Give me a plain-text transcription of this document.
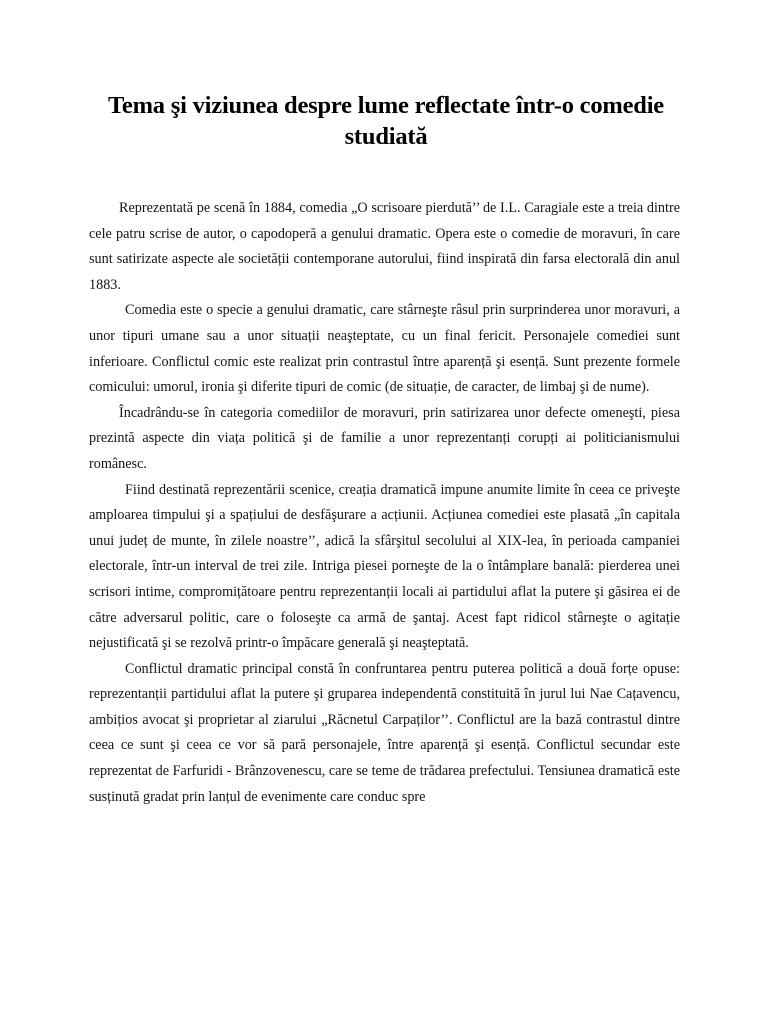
Tema şi viziunea despre lume reflectate într-o comedie studiată

Reprezentată pe scenă în 1884, comedia „O scrisoare pierdută’’ de I.L. Caragiale este a treia dintre cele patru scrise de autor, o capodoperă a genului dramatic. Opera este o comedie de moravuri, în care sunt satirizate aspecte ale societății contemporane autorului, fiind inspirată din farsa electorală din anul 1883.

Comedia este o specie a genului dramatic, care stârneşte râsul prin surprinderea unor moravuri, a unor tipuri umane sau a unor situații neaşteptate, cu un final fericit. Personajele comediei sunt inferioare. Conflictul comic este realizat prin contrastul între aparență şi esență. Sunt prezente formele comicului: umorul, ironia şi diferite tipuri de comic (de situație, de caracter, de limbaj şi de nume).

Încadrându-se în categoria comediilor de moravuri, prin satirizarea unor defecte omeneşti, piesa prezintă aspecte din viața politică şi de familie a unor reprezentanți corupți ai politicianismului românesc.

Fiind destinată reprezentării scenice, creația dramatică impune anumite limite în ceea ce priveşte amploarea timpului şi a spațiului de desfăşurare a acțiunii. Acțiunea comediei este plasată „în capitala unui județ de munte, în zilele noastre’’, adică la sfârşitul secolului al XIX-lea, în perioada campaniei electorale, într-un interval de trei zile. Intriga piesei porneşte de la o întâmplare banală: pierderea unei scrisori intime, compromițătoare pentru reprezentanții locali ai partidului aflat la putere şi găsirea ei de către adversarul politic, care o foloseşte ca armă de şantaj. Acest fapt ridicol stârneşte o agitație nejustificată şi se rezolvă printr-o împăcare generală şi neaşteptată.

Conflictul dramatic principal constă în confruntarea pentru puterea politică a două forțe opuse: reprezentanții partidului aflat la putere şi gruparea independentă constituită în jurul lui Nae Cațavencu, ambițios avocat şi proprietar al ziarului „Răcnetul Carpaților’’. Conflictul are la bază contrastul dintre ceea ce sunt şi ceea ce vor să pară personajele, între aparență şi esență. Conflictul secundar este reprezentat de Farfuridi - Brânzovenescu, care se teme de trădarea prefectului. Tensiunea dramatică este susținută gradat prin lanțul de evenimente care conduc spre
